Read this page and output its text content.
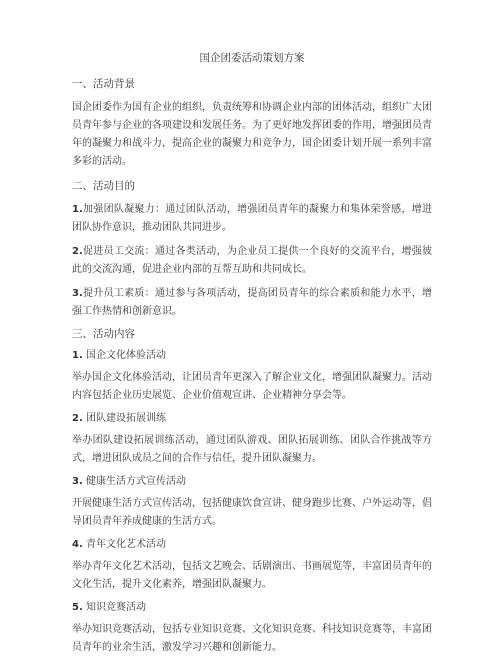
国企团委活动策划方案
一、活动背景
国企团委作为国有企业的组织，负责统筹和协调企业内部的团体活动，组织广大团员青年参与企业的各项建设和发展任务。为了更好地发挥团委的作用，增强团员青年的凝聚力和战斗力，提高企业的凝聚力和竞争力，国企团委计划开展一系列丰富多彩的活动。
二、活动目的
1.加强团队凝聚力：通过团队活动，增强团员青年的凝聚力和集体荣誉感，增进团队协作意识，推动团队共同进步。
2.促进员工交流：通过各类活动，为企业员工提供一个良好的交流平台，增强彼此的交流沟通，促进企业内部的互帮互助和共同成长。
3.提升员工素质：通过参与各项活动，提高团员青年的综合素质和能力水平，增强工作热情和创新意识。
三、活动内容
1. 国企文化体验活动
举办国企文化体验活动，让团员青年更深入了解企业文化，增强团队凝聚力。活动内容包括企业历史展览、企业价值观宣讲、企业精神分享会等。
2. 团队建设拓展训练
举办团队建设拓展训练活动，通过团队游戏、团队拓展训练、团队合作挑战等方式，增进团队成员之间的合作与信任，提升团队凝聚力。
3. 健康生活方式宣传活动
开展健康生活方式宣传活动，包括健康饮食宣讲、健身跑步比赛、户外运动等，倡导团员青年养成健康的生活方式。
4. 青年文化艺术活动
举办青年文化艺术活动，包括文艺晚会、话剧演出、书画展览等，丰富团员青年的文化生活，提升文化素养，增强团队凝聚力。
5. 知识竞赛活动
举办知识竞赛活动，包括专业知识竞赛、文化知识竞赛、科技知识竞赛等，丰富团员青年的业余生活，激发学习兴趣和创新能力。
